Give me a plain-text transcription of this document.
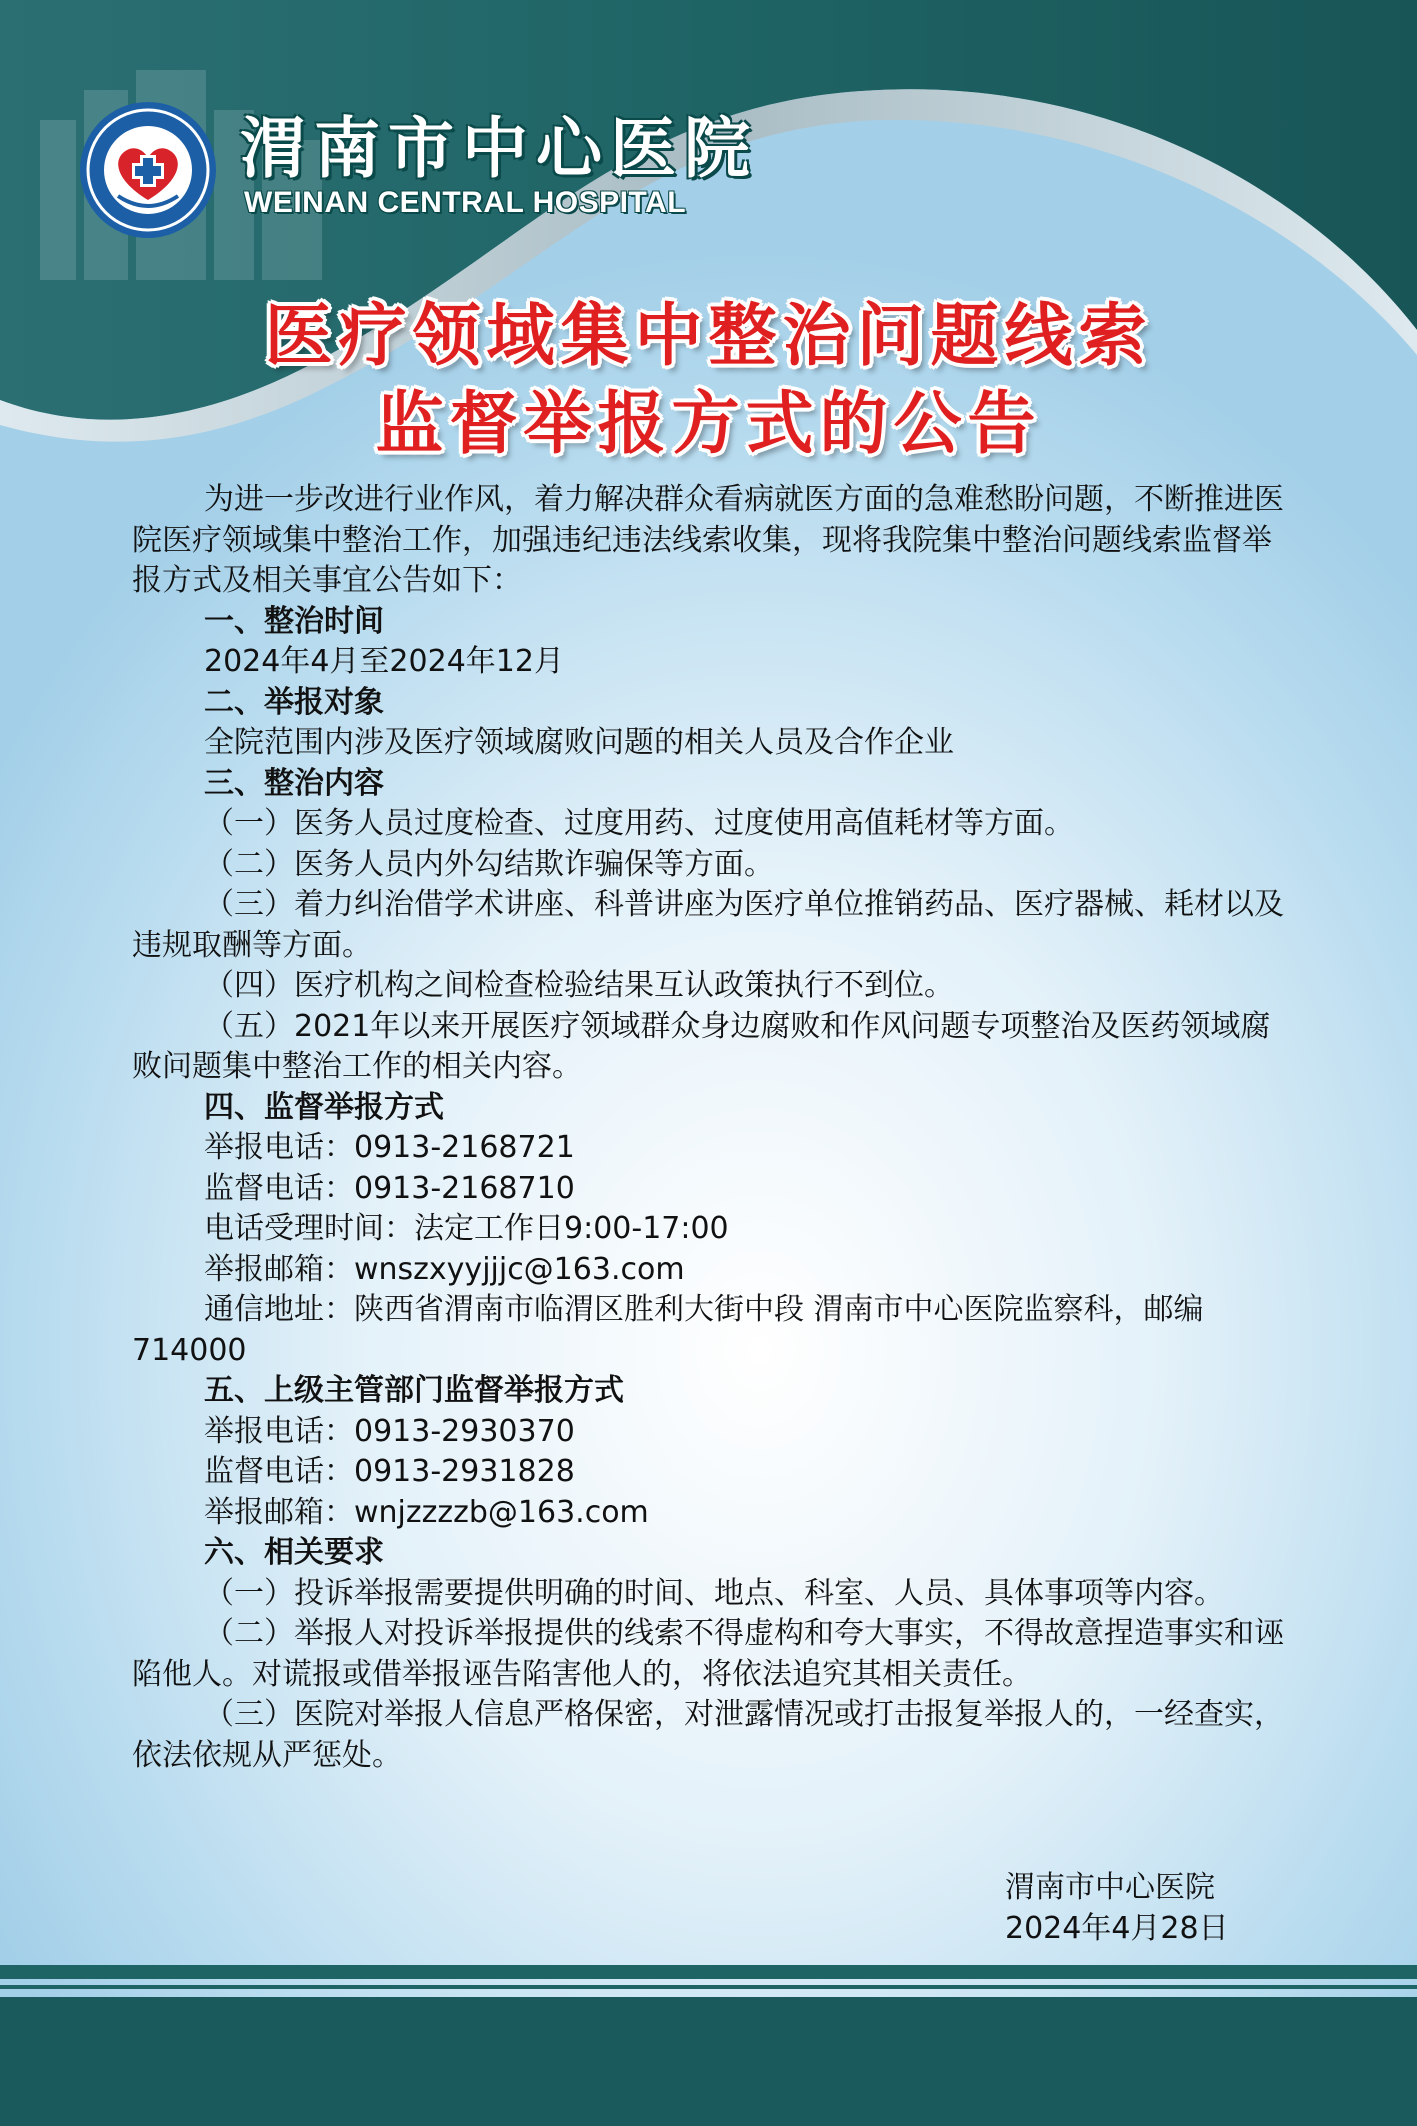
渭南市中心医院
WEINAN CENTRAL HOSPITAL
医疗领域集中整治问题线索
监督举报方式的公告

为进一步改进行业作风，着力解决群众看病就医方面的急难愁盼问题，不断推进医院医疗领域集中整治工作，加强违纪违法线索收集，现将我院集中整治问题线索监督举报方式及相关事宜公告如下：

一、整治时间

2024年4月至2024年12月

二、举报对象

全院范围内涉及医疗领域腐败问题的相关人员及合作企业

三、整治内容

（一）医务人员过度检查、过度用药、过度使用高值耗材等方面。

（二）医务人员内外勾结欺诈骗保等方面。

（三）着力纠治借学术讲座、科普讲座为医疗单位推销药品、医疗器械、耗材以及违规取酬等方面。

（四）医疗机构之间检查检验结果互认政策执行不到位。

（五）2021年以来开展医疗领域群众身边腐败和作风问题专项整治及医药领域腐败问题集中整治工作的相关内容。

四、监督举报方式

举报电话：0913-2168721

监督电话：0913-2168710

电话受理时间：法定工作日9:00-17:00

举报邮箱：wnszxyyjjjc@163.com

通信地址：陕西省渭南市临渭区胜利大街中段 渭南市中心医院监察科，邮编714000

五、上级主管部门监督举报方式

举报电话：0913-2930370

监督电话：0913-2931828

举报邮箱：wnjzzzzb@163.com

六、相关要求

（一）投诉举报需要提供明确的时间、地点、科室、人员、具体事项等内容。

（二）举报人对投诉举报提供的线索不得虚构和夸大事实，不得故意捏造事实和诬陷他人。对谎报或借举报诬告陷害他人的，将依法追究其相关责任。

（三）医院对举报人信息严格保密，对泄露情况或打击报复举报人的，一经查实，依法依规从严惩处。

渭南市中心医院
2024年4月28日
